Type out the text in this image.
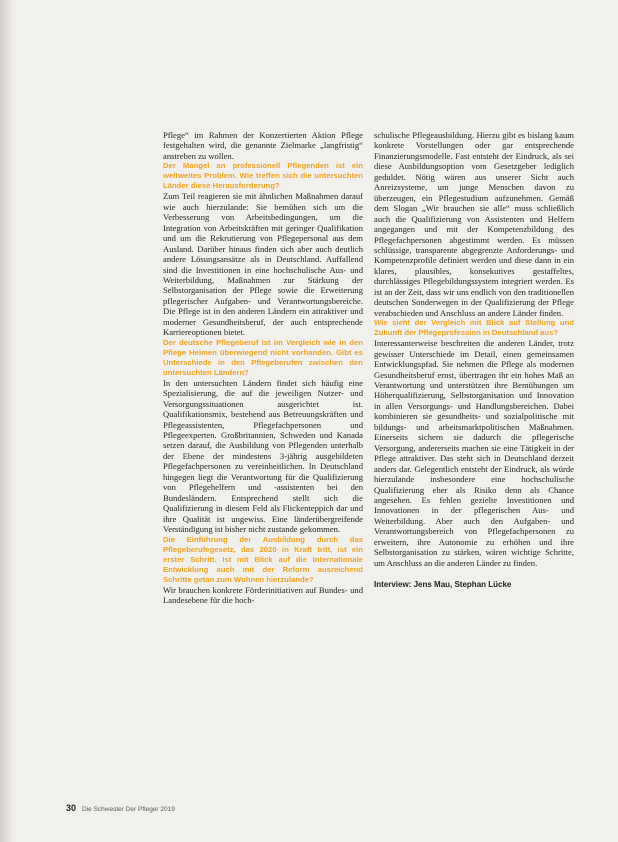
Pflege“ im Rahmen der Konzertierten Aktion Pflege festgehalten wird, die genannte Zielmarke „langfristig“ anstreben zu wollen.

Der Mangel an professionell Pflegenden ist ein weltweites Problem. Wie treffen sich die untersuchten Länder diese Herausforderung?

Zum Teil reagieren sie mit ähnlichen Maßnahmen darauf wie auch hierzulande: Sie bemühen sich um die Verbesserung von Arbeitsbedingungen, um die Integration von Arbeitskräften mit geringer Qualifikation und um die Rekrutierung von Pflegepersonal aus dem Ausland. Darüber hinaus finden sich aber auch deutlich andere Lösungsansätze als in Deutschland. Auffallend sind die Investitionen in eine hochschulische Aus- und Weiterbildung, Maßnahmen zur Stärkung der Selbstorganisation der Pflege sowie die Erweiterung pflegerischer Aufgaben- und Verantwortungsbereiche. Die Pflege ist in den anderen Ländern ein attraktiver und moderner Gesundheitsberuf, der auch entsprechende Karriereoptionen bietet.

Der deutsche Pflegeberuf ist im Vergleich wie in den Pflege Heimen überwiegend nicht vorhanden. Gibt es Unterschiede in den Pflegeberufen zwischen den untersuchten Ländern?

In den untersuchten Ländern findet sich häufig eine Spezialisierung, die auf die jeweiligen Nutzer- und Versorgungssituationen ausgerichtet ist. Qualifikationsmix, bestehend aus Betreuungskräften und Pflegeassistenten, Pflegefachpersonen und Pflegeexperten. Großbritannien, Schweden und Kanada setzen darauf, die Ausbildung von Pflegenden unterhalb der Ebene der mindestens 3-jährig ausgebildeten Pflegefachpersonen zu vereinheitlichen. In Deutschland hingegen liegt die Verantwortung für die Qualifizierung von Pflegehelfern und -assistenten bei den Bundesländern. Entsprechend stellt sich die Qualifizierung in diesem Feld als Flickenteppich dar und ihre Qualität ist ungewiss. Eine länderübergreifende Verständigung ist bisher nicht zustande gekommen.

Die Einführung der Ausbildung durch das Pflegeberufegesetz, das 2020 in Kraft tritt, ist ein erster Schritt. Ist mit Blick auf die Internationale Entwicklung auch mit der Reform ausreichend Schritte getan zum Wohnen hierzulande?

Wir brauchen konkrete Förderinitiativen auf Bundes- und Landesebene für die hoch-

schulische Pflegeausbildung. Hierzu gibt es bislang kaum konkrete Vorstellungen oder gar entsprechende Finanzierungsmodelle. Fast entsteht der Eindruck, als sei diese Ausbildungsoption vom Gesetzgeber lediglich geduldet. Nötig wären aus unserer Sicht auch Anreizsysteme, um junge Menschen davon zu überzeugen, ein Pflegestudium aufzunehmen. Gemäß dem Slogan „Wir brauchen sie alle“ muss schließlich auch die Qualifizierung von Assistenten und Helfern angegangen und mit der Kompetenzbildung des Pflegefachpersonen abgestimmt werden. Es müssen schlüssige, transparente abgegrenzte Anforderungs- und Kompetenzprofile definiert werden und diese dann in ein klares, plausibles, konsekutives gestaffeltes, durchlässiges Pflegebildungssystem integriert werden. Es ist an der Zeit, dass wir uns endlich von den traditionellen deutschen Sonderwegen in der Qualifizierung der Pflege verabschieden und Anschluss an andere Länder finden.

Wie sieht der Vergleich mit Blick auf Stellung und Zukunft der Pflegeprofession in Deutschland aus?

Interessanterweise beschreiten die anderen Länder, trotz gewisser Unterschiede im Detail, einen gemeinsamen Entwicklungspfad. Sie nehmen die Pflege als modernen Gesundheitsberuf ernst, übertragen ihr ein hohes Maß an Verantwortung und unterstützen ihre Bemühungen um Höherqualifizierung, Selbstorganisation und Innovation in allen Versorgungs- und Handlungsbereichen. Dabei kombinieren sie gesundheits- und sozialpolitische mit bildungs- und arbeitsmarktpolitischen Maßnahmen. Einerseits sichern sie dadurch die pflegerische Versorgung, andererseits machen sie eine Tätigkeit in der Pflege attraktiver. Das steht sich in Deutschland derzeit anders dar. Gelegentlich entsteht der Eindruck, als würde hierzulande insbesondere eine hochschulische Qualifizierung eher als Risiko denn als Chance angesehen. Es fehlen gezielte Investitionen und Innovationen in der pflegerischen Aus- und Weiterbildung. Aber auch den Aufgaben- und Verantwortungsbereich von Pflegefachpersonen zu erweitern, ihre Autonomie zu erhöhen und ihre Selbstorganisation zu stärken, wären wichtige Schritte, um Anschluss an die anderen Länder zu finden.

Interview: Jens Mau, Stephan Lücke
30 Die Schwester Der Pfleger 2019
